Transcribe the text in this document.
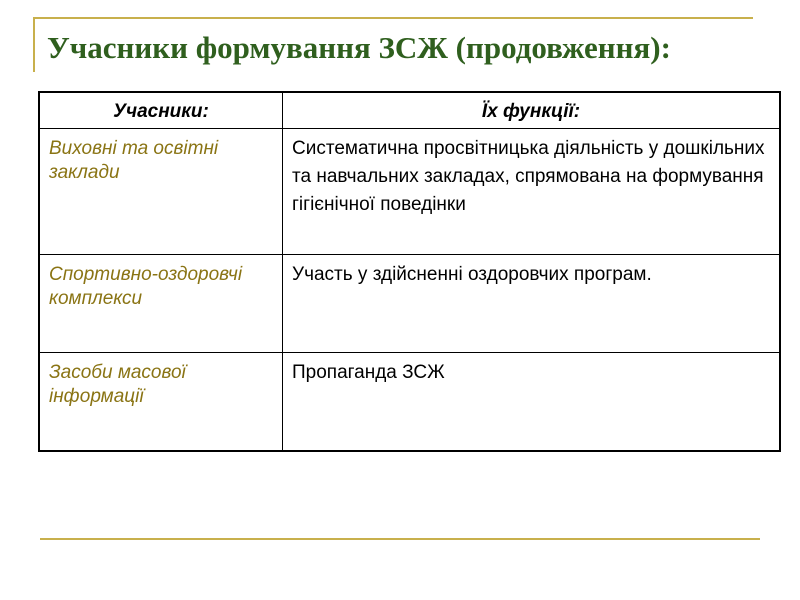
Учасники формування ЗСЖ (продовження):
Учасники:	Їх функції:
Виховні та освітні заклади	Систематична просвітницька діяльність у дошкільних та навчальних закладах, спрямована на формування гігієнічної поведінки
Спортивно-оздоровчі комплекси	Участь у здійсненні оздоровчих програм.
Засоби масової інформації	Пропаганда ЗСЖ
